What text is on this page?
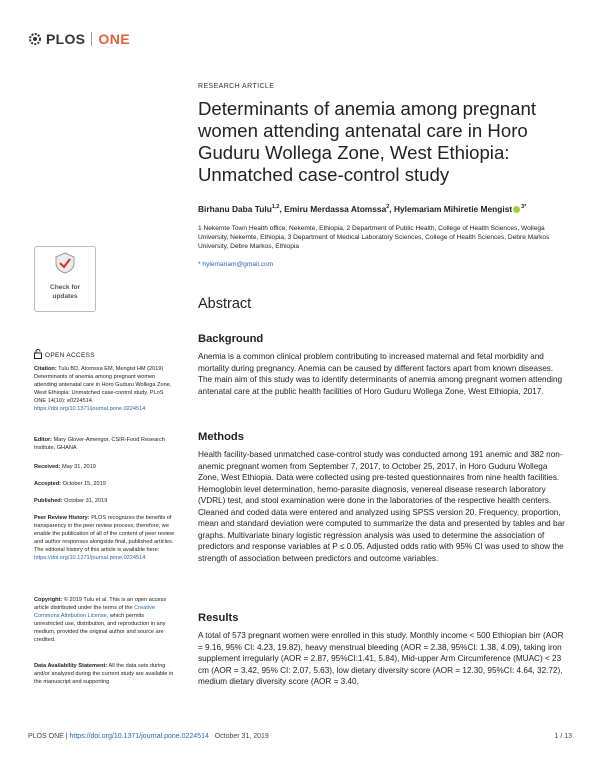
PLOS ONE
RESEARCH ARTICLE
Determinants of anemia among pregnant women attending antenatal care in Horo Guduru Wollega Zone, West Ethiopia: Unmatched case-control study
Birhanu Daba Tulu$^{1,2}$, Emiru Merdassa Atomssa$^2$, Hylemariam Mihiretie Mengist $^{3*}$
1 Nekemte Town Health office, Nekemte, Ethiopia, 2 Department of Public Health, College of Health Sciences, Wollega University, Nekemte, Ethiopia, 3 Department of Medical Laboratory Sciences, College of Health Sciences, Debre Markos University, Debre Markos, Ethiopia
* hylemariam@gmail.com
Abstract
Background

Anemia is a common clinical problem contributing to increased maternal and fetal morbidity and mortality during pregnancy. Anemia can be caused by different factors apart from known diseases. The main aim of this study was to identify determinants of anemia among pregnant women attending antenatal care at the public health facilities of Horo Guduru Wollega Zone, West Ethiopia, 2017.

Methods

Health facility-based unmatched case-control study was conducted among 191 anemic and 382 non-anemic pregnant women from September 7, 2017, to October 25, 2017, in Horo Guduru Wollega Zone, West Ethiopia. Data were collected using pre-tested questionnaires from nine health facilities. Hemoglobin level determination, hemo-parasite diagnosis, venereal disease research laboratory (VDRL) test, and stool examination were done in the laboratories of the respective health centers. Cleaned and coded data were entered and analyzed using SPSS version 20. Frequency, proportion, mean and standard deviation were computed to summarize the data and presented by tables and bar graphs. Multivariate binary logistic regression analysis was used to determine the association of predictors and response variables at P ≤ 0.05. Adjusted odds ratio with 95% CI was used to show the strength of association between predictors and outcome variables.

Results

A total of 573 pregnant women were enrolled in this study. Monthly income < 500 Ethiopian birr (AOR = 9.16, 95% CI: 4.23, 19.82), heavy menstrual bleeding (AOR = 2.38, 95%CI: 1.38, 4.09), taking iron supplement irregularly (AOR = 2.87, 95%CI:1.41, 5.84), Mid-upper Arm Circumference (MUAC) < 23 cm (AOR = 3.42, 95% CI: 2.07, 5.63), low dietary diversity score (AOR = 12.30, 95%CI: 4.64, 32.72), medium dietary diversity score (AOR = 3.40,

Check for
updates
OPEN ACCESS

Citation: Tulu BD, Atomssa EM, Mengist HM (2019) Determinants of anemia among pregnant women attending antenatal care in Horo Guduru Wollega Zone, West Ethiopia: Unmatched case-control study. PLoS ONE 14(10): e0224514. https://doi.org/10.1371/journal.pone.0224514

Editor: Mary Glover-Amengor, CSIR-Food Research Institute, GHANA

Received: May 31, 2019

Accepted: October 15, 2019

Published: October 31, 2019

Peer Review History: PLOS recognizes the benefits of transparency in the peer review process; therefore, we enable the publication of all of the content of peer review and author responses alongside final, published articles. The editorial history of this article is available here: https://doi.org/10.1371/journal.pone.0224514

Copyright: © 2019 Tulu et al. This is an open access article distributed under the terms of the Creative Commons Attribution License, which permits unrestricted use, distribution, and reproduction in any medium, provided the original author and source are credited.

Data Availability Statement: All the data sets during and/or analyzed during the current study are available in the manuscript and supporting

PLOS ONE | https://doi.org/10.1371/journal.pone.0224514 October 31, 2019	1 / 13
